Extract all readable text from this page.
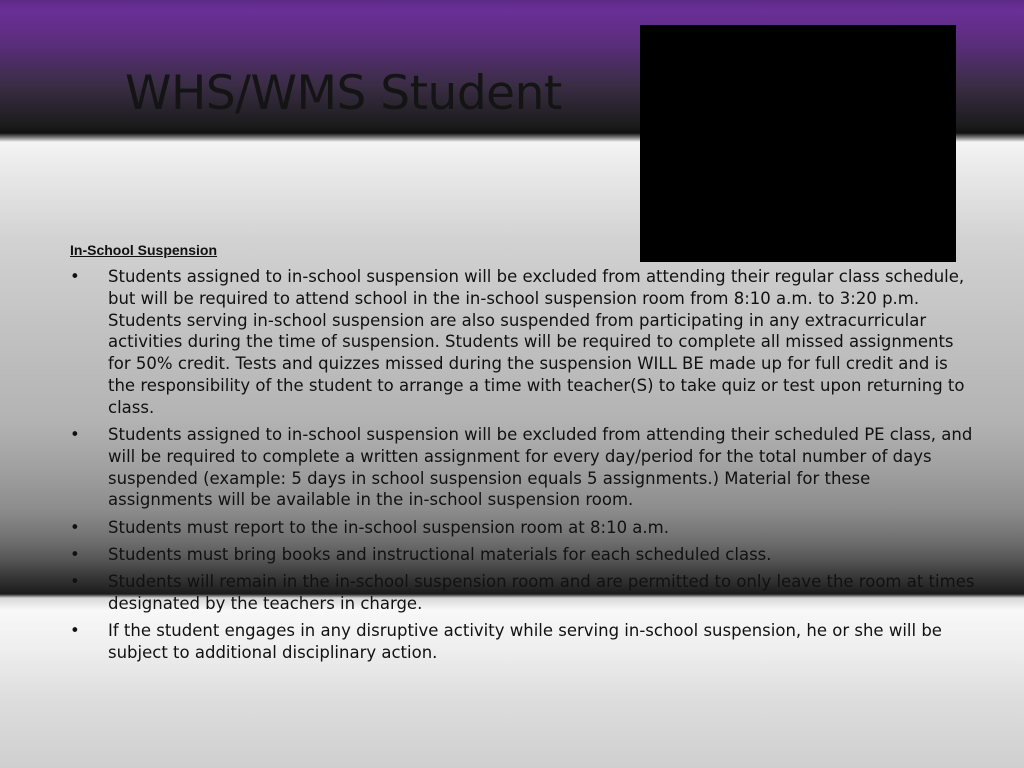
WHS/WMS Student
In-School Suspension
• Students assigned to in-school suspension will be excluded from attending their regular class schedule, but will be required to attend school in the in-school suspension room from 8:10 a.m. to 3:20 p.m. Students serving in-school suspension are also suspended from participating in any extracurricular activities during the time of suspension. Students will be required to complete all missed assignments for 50% credit. Tests and quizzes missed during the suspension WILL BE made up for full credit and is the responsibility of the student to arrange a time with teacher(S) to take quiz or test upon returning to class.
• Students assigned to in-school suspension will be excluded from attending their scheduled PE class, and will be required to complete a written assignment for every day/period for the total number of days suspended (example: 5 days in school suspension equals 5 assignments.) Material for these assignments will be available in the in-school suspension room.
• Students must report to the in-school suspension room at 8:10 a.m.
• Students must bring books and instructional materials for each scheduled class.
• Students will remain in the in-school suspension room and are permitted to only leave the room at times designated by the teachers in charge.
• If the student engages in any disruptive activity while serving in-school suspension, he or she will be subject to additional disciplinary action.
